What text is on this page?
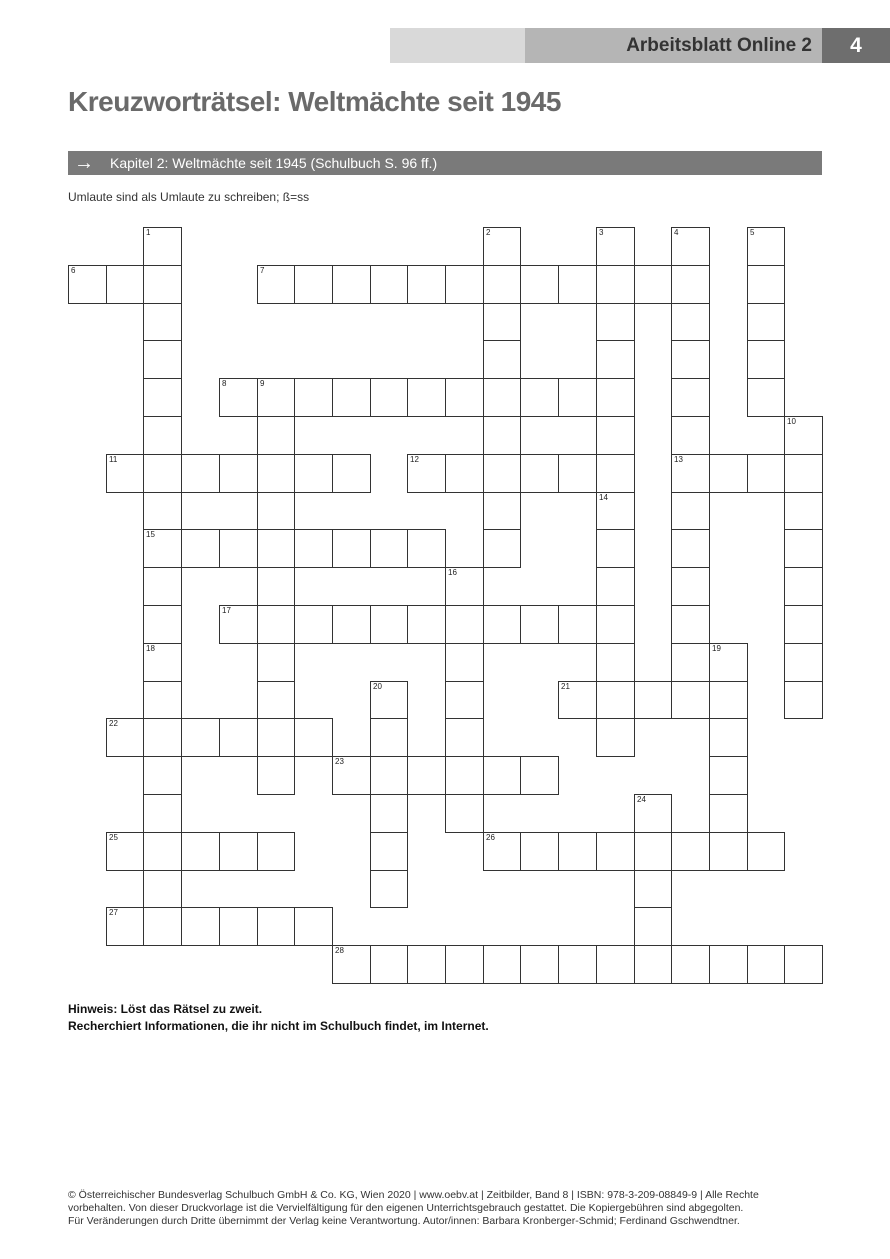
Arbeitsblatt Online 2	4
Kreuzworträtsel: Weltmächte seit 1945
→ Kapitel 2: Weltmächte seit 1945 (Schulbuch S. 96 ff.)
Umlaute sind als Umlaute zu schreiben; ß=ss
1
15
18
2	3	4
13
5
6	7
8	9
10
11	12
14
16
17
19
20	21
22
23
24
25	26
27
28
Hinweis: Löst das Rätsel zu zweit.
Recherchiert Informationen, die ihr nicht im Schulbuch findet, im Internet.
© Österreichischer Bundesverlag Schulbuch GmbH & Co. KG, Wien 2020 | www.oebv.at | Zeitbilder, Band 8 | ISBN: 978-3-209-08849-9 | Alle Rechte
vorbehalten. Von dieser Druckvorlage ist die Vervielfältigung für den eigenen Unterrichtsgebrauch gestattet. Die Kopiergebühren sind abgegolten.
Für Veränderungen durch Dritte übernimmt der Verlag keine Verantwortung. Autor/innen: Barbara Kronberger-Schmid; Ferdinand Gschwendtner.
